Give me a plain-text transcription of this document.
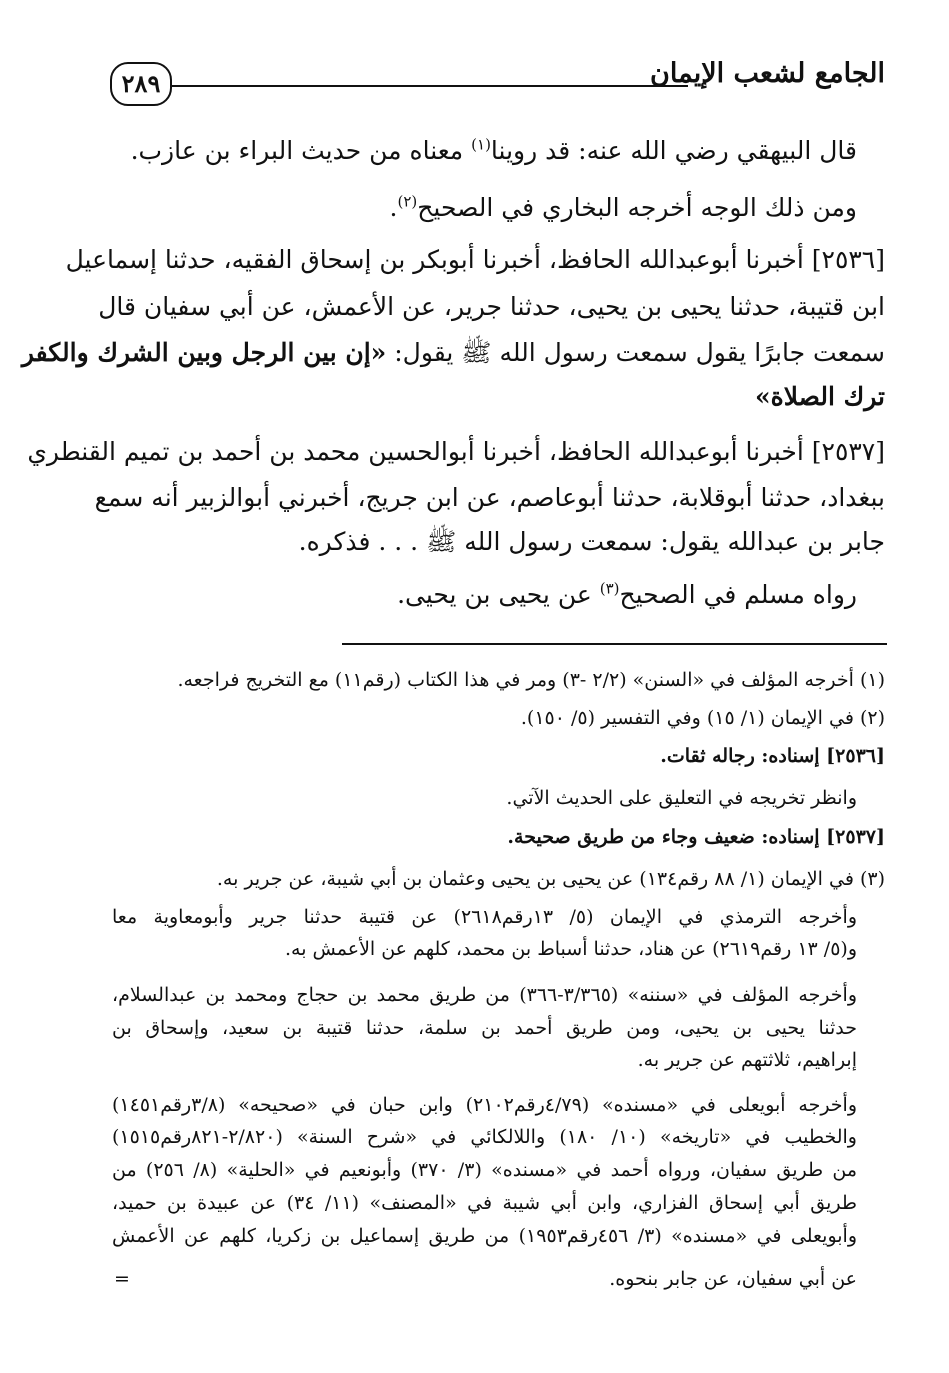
الجامع لشعب الإيمان
٢٨٩
قال البيهقي رضي الله عنه: قد روينا$^{(١)}$ معناه من حديث البراء بن عازب.
ومن ذلك الوجه أخرجه البخاري في الصحيح$^{(٢)}$.
[٢٥٣٦] أخبرنا أبوعبدالله الحافظ، أخبرنا أبوبكر بن إسحاق الفقيه، حدثنا إسماعيل
ابن قتيبة، حدثنا يحيى بن يحيى، حدثنا جرير، عن الأعمش، عن أبي سفيان قال
سمعت جابرًا يقول سمعت رسول الله ﷺ يقول: «إن بين الرجل وبين الشرك والكفر
ترك الصلاة»
[٢٥٣٧] أخبرنا أبوعبدالله الحافظ، أخبرنا أبوالحسين محمد بن أحمد بن تميم القنطري
ببغداد، حدثنا أبوقلابة، حدثنا أبوعاصم، عن ابن جريج، أخبرني أبوالزبير أنه سمع
جابر بن عبدالله يقول: سمعت رسول الله ﷺ . . . فذكره.
رواه مسلم في الصحيح$^{(٣)}$ عن يحيى بن يحيى.
(١) أخرجه المؤلف في «السنن» (٢/٢ -٣) ومر في هذا الكتاب (رقم١١) مع التخريج فراجعه.
(٢) في الإيمان (١/ ١٥) وفي التفسير (٥/ ١٥٠).
[٢٥٣٦] إسناده: رجاله ثقات.
وانظر تخريجه في التعليق على الحديث الآتي.
[٢٥٣٧] إسناده: ضعيف وجاء من طريق صحيحة.
(٣) في الإيمان (١/ ٨٨ رقم١٣٤) عن يحيى بن يحيى وعثمان بن أبي شيبة، عن جرير به.
وأخرجه الترمذي في الإيمان (٥/ ١٣رقم٢٦١٨) عن قتيبة حدثنا جرير وأبومعاوية معا
و(٥/ ١٣ رقم٢٦١٩) عن هناد، حدثنا أسباط بن محمد، كلهم عن الأعمش به.
وأخرجه المؤلف في «سننه» (٣/٣٦٥-٣٦٦) من طريق محمد بن حجاج ومحمد بن عبدالسلام،
حدثنا يحيى بن يحيى، ومن طريق أحمد بن سلمة، حدثنا قتيبة بن سعيد، وإسحاق بن
إبراهيم، ثلاثتهم عن جرير به.
وأخرجه أبويعلى في «مسنده» (٤/٧٩رقم٢١٠٢) وابن حبان في «صحيحه» (٣/٨رقم١٤٥١)
والخطيب في «تاريخه» (١٠/ ١٨٠) واللالكائي في «شرح السنة» (٢/٨٢٠-٨٢١رقم١٥١٥)
من طريق سفيان، ورواه أحمد في «مسنده» (٣/ ٣٧٠) وأبونعيم في «الحلية» (٨/ ٢٥٦) من
طريق أبي إسحاق الفزاري، وابن أبي شيبة في «المصنف» (١١/ ٣٤) عن عبيدة بن حميد،
وأبويعلى في «مسنده» (٣/ ٤٥٦رقم١٩٥٣) من طريق إسماعيل بن زكريا، كلهم عن الأعمش
عن أبي سفيان، عن جابر بنحوه.
=
